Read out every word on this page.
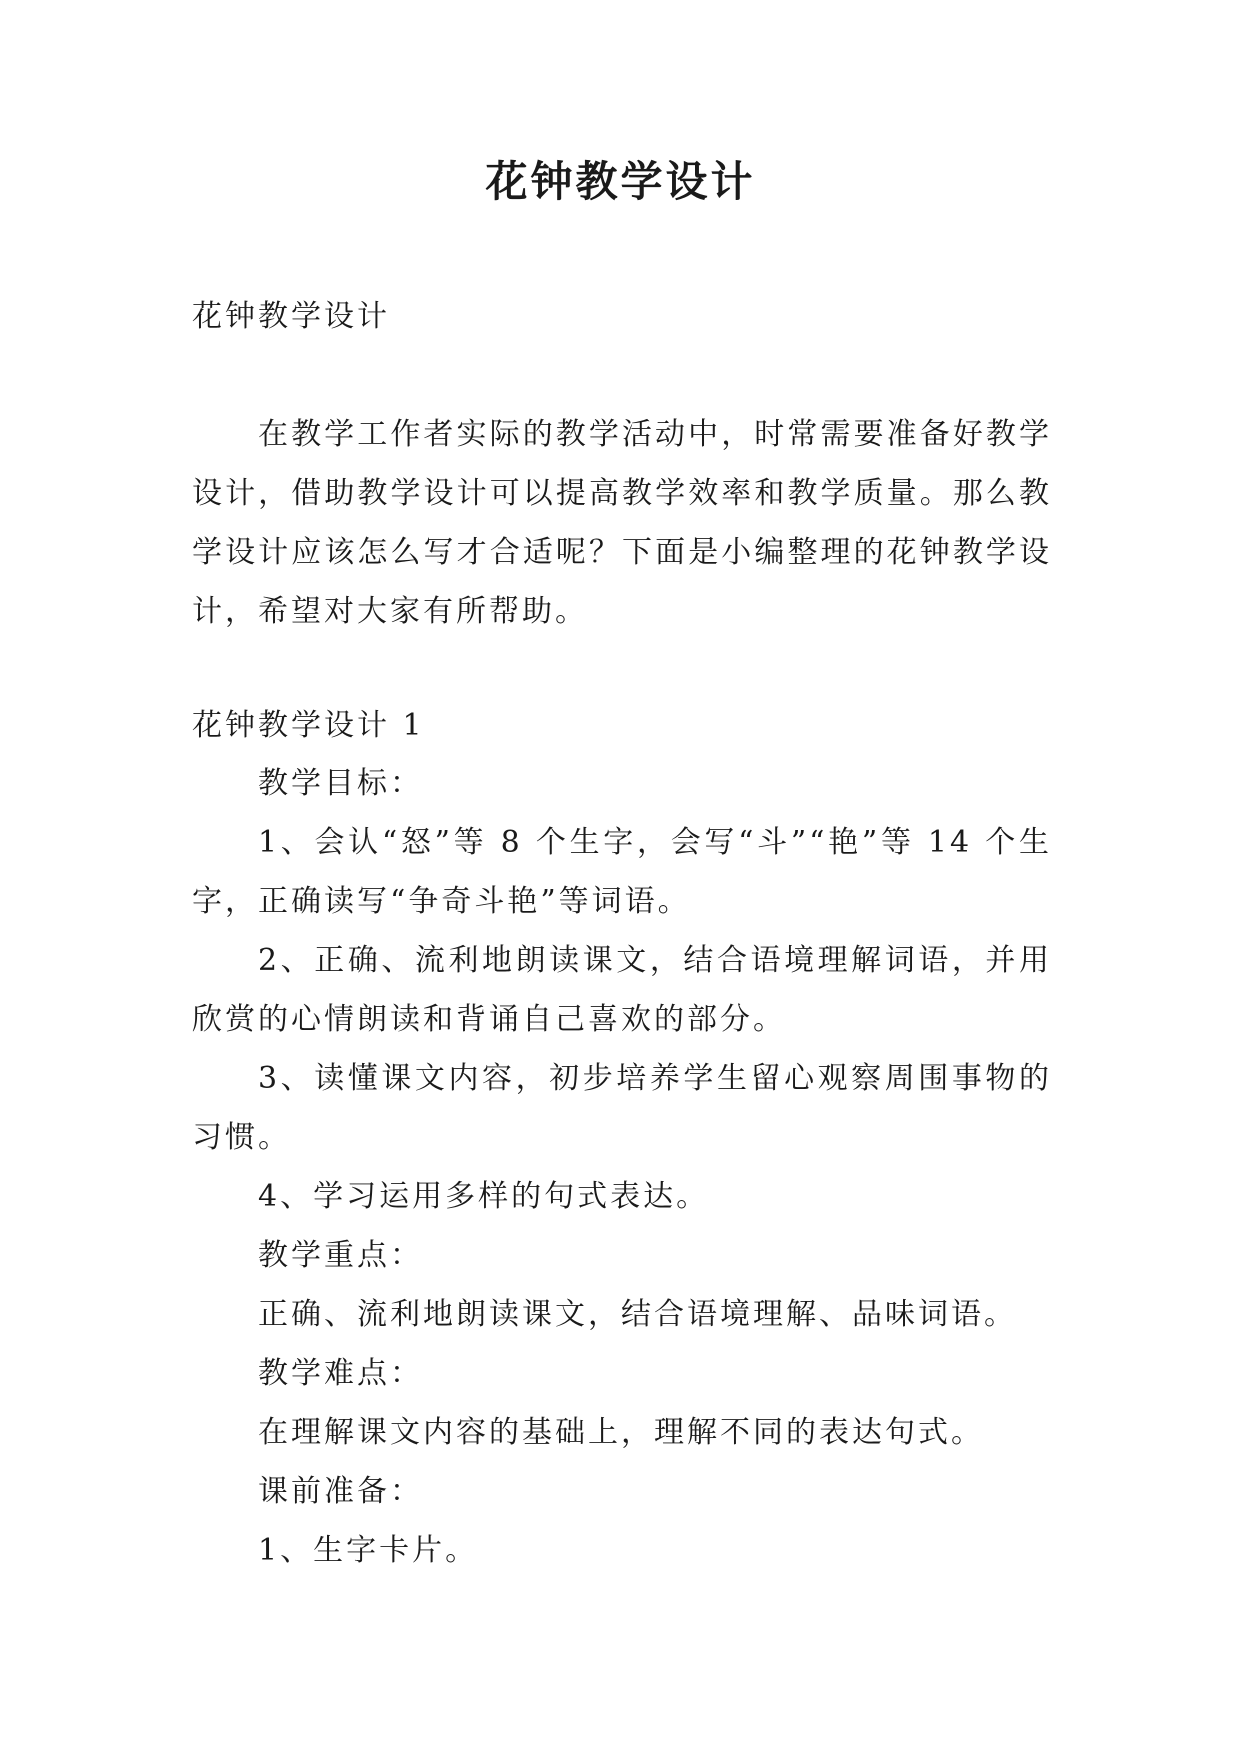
花钟教学设计

花钟教学设计

在教学工作者实际的教学活动中，时常需要准备好教学设计，借助教学设计可以提高教学效率和教学质量。那么教学设计应该怎么写才合适呢？下面是小编整理的花钟教学设计，希望对大家有所帮助。

花钟教学设计 1

教学目标：

1、会认“怒”等 8 个生字，会写“斗”“艳”等 14 个生字，正确读写“争奇斗艳”等词语。

2、正确、流利地朗读课文，结合语境理解词语，并用欣赏的心情朗读和背诵自己喜欢的部分。

3、读懂课文内容，初步培养学生留心观察周围事物的习惯。

4、学习运用多样的句式表达。

教学重点：

正确、流利地朗读课文，结合语境理解、品味词语。

教学难点：

在理解课文内容的基础上，理解不同的表达句式。

课前准备：

1、生字卡片。
